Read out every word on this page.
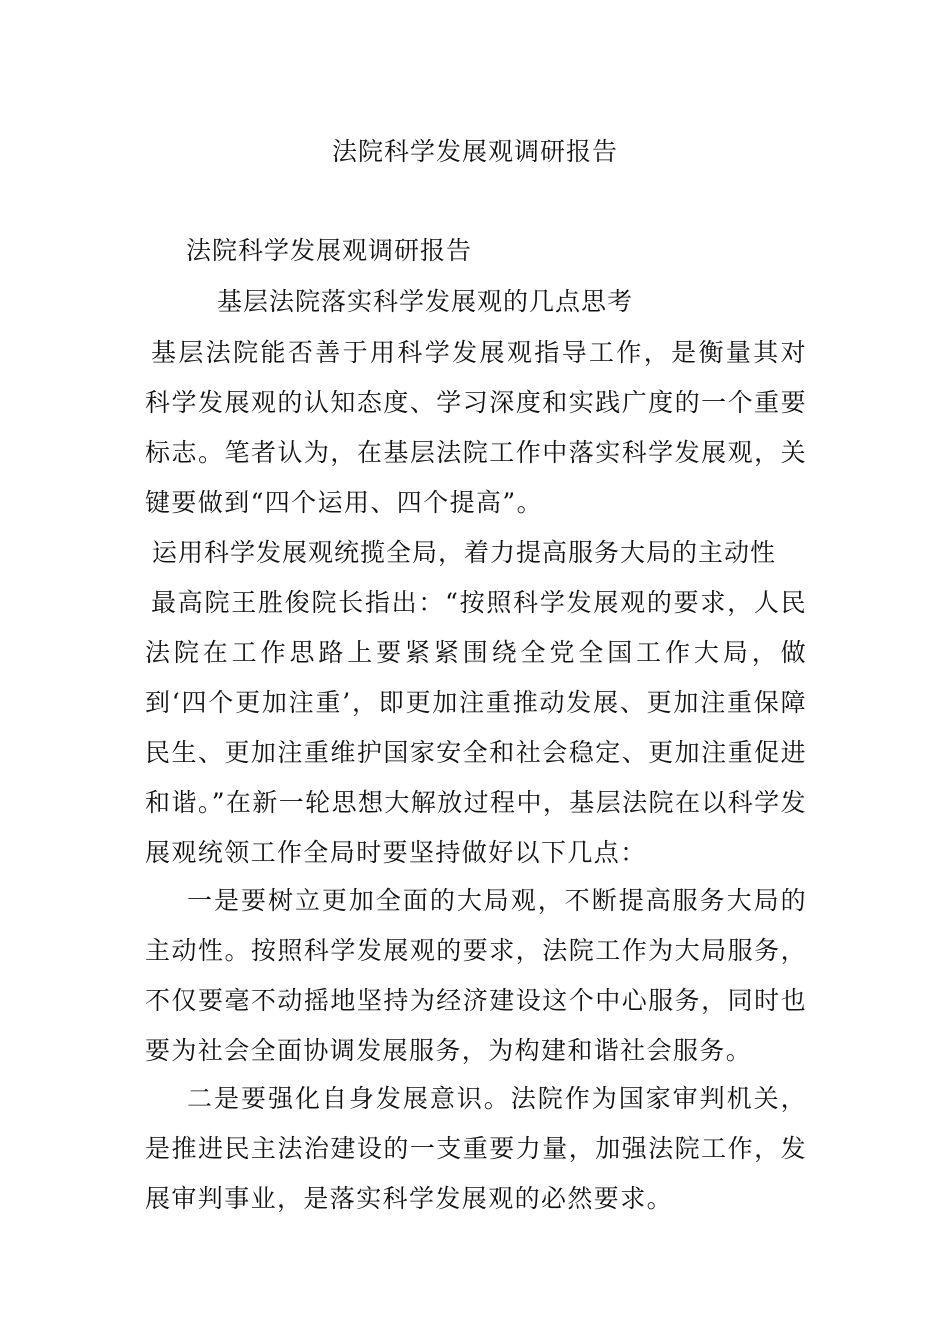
法院科学发展观调研报告
法院科学发展观调研报告
基层法院落实科学发展观的几点思考

基层法院能否善于用科学发展观指导工作，是衡量其对科学发展观的认知态度、学习深度和实践广度的一个重要标志。笔者认为，在基层法院工作中落实科学发展观，关键要做到“四个运用、四个提高”。

运用科学发展观统揽全局，着力提高服务大局的主动性

最高院王胜俊院长指出：“按照科学发展观的要求，人民法院在工作思路上要紧紧围绕全党全国工作大局，做到‘四个更加注重’，即更加注重推动发展、更加注重保障民生、更加注重维护国家安全和社会稳定、更加注重促进和谐。”在新一轮思想大解放过程中，基层法院在以科学发展观统领工作全局时要坚持做好以下几点：

一是要树立更加全面的大局观，不断提高服务大局的主动性。按照科学发展观的要求，法院工作为大局服务，不仅要毫不动摇地坚持为经济建设这个中心服务，同时也要为社会全面协调发展服务，为构建和谐社会服务。

二是要强化自身发展意识。法院作为国家审判机关，是推进民主法治建设的一支重要力量，加强法院工作，发展审判事业，是落实科学发展观的必然要求。
